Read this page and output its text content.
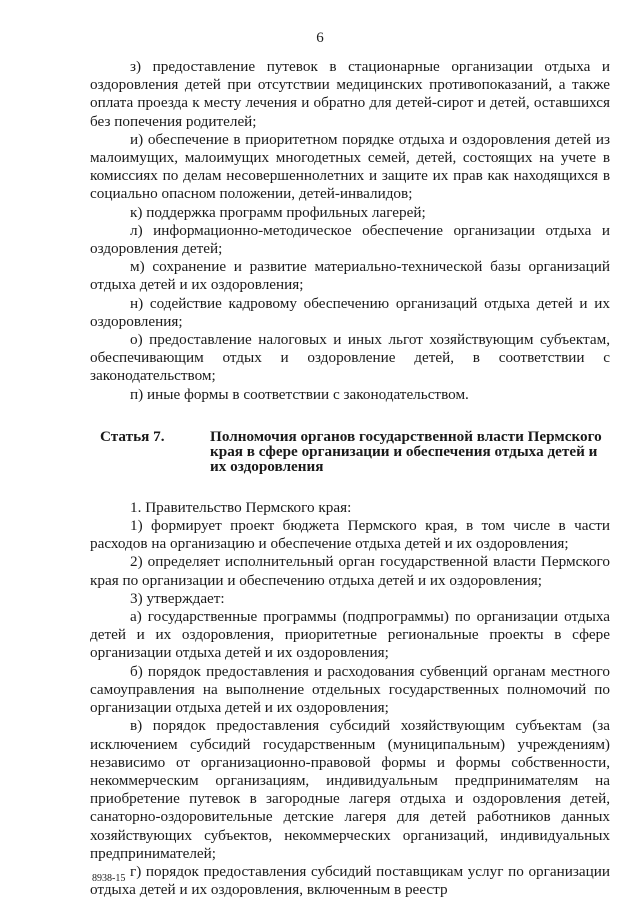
6

з) предоставление путевок в стационарные организации отдыха и оздоровления детей при отсутствии медицинских противопоказаний, а также оплата проезда к месту лечения и обратно для детей-сирот и детей, оставшихся без попечения родителей;

и) обеспечение в приоритетном порядке отдыха и оздоровления детей из малоимущих, малоимущих многодетных семей, детей, состоящих на учете в комиссиях по делам несовершеннолетних и защите их прав как находящихся в социально опасном положении, детей-инвалидов;

к) поддержка программ профильных лагерей;

л) информационно-методическое обеспечение организации отдыха и оздоровления детей;

м) сохранение и развитие материально-технической базы организаций отдыха детей и их оздоровления;

н) содействие кадровому обеспечению организаций отдыха детей и их оздоровления;

о) предоставление налоговых и иных льгот хозяйствующим субъектам, обеспечивающим отдых и оздоровление детей, в соответствии с законодательством;

п) иные формы в соответствии с законодательством.

Статья 7.	Полномочия органов государственной власти Пермского края в сфере организации и обеспечения отдыха детей и их оздоровления

1. Правительство Пермского края:

1) формирует проект бюджета Пермского края, в том числе в части расходов на организацию и обеспечение отдыха детей и их оздоровления;

2) определяет исполнительный орган государственной власти Пермского края по организации и обеспечению отдыха детей и их оздоровления;

3) утверждает:

а) государственные программы (подпрограммы) по организации отдыха детей и их оздоровления, приоритетные региональные проекты в сфере организации отдыха детей и их оздоровления;

б) порядок предоставления и расходования субвенций органам местного самоуправления на выполнение отдельных государственных полномочий по организации отдыха детей и их оздоровления;

в) порядок предоставления субсидий хозяйствующим субъектам (за исключением субсидий государственным (муниципальным) учреждениям) независимо от организационно-правовой формы и формы собственности, некоммерческим организациям, индивидуальным предпринимателям на приобретение путевок в загородные лагеря отдыха и оздоровления детей, санаторно-оздоровительные детские лагеря для детей работников данных хозяйствующих субъектов, некоммерческих организаций, индивидуальных предпринимателей;

г) порядок предоставления субсидий поставщикам услуг по организации отдыха детей и их оздоровления, включенным в реестр

8938-15
